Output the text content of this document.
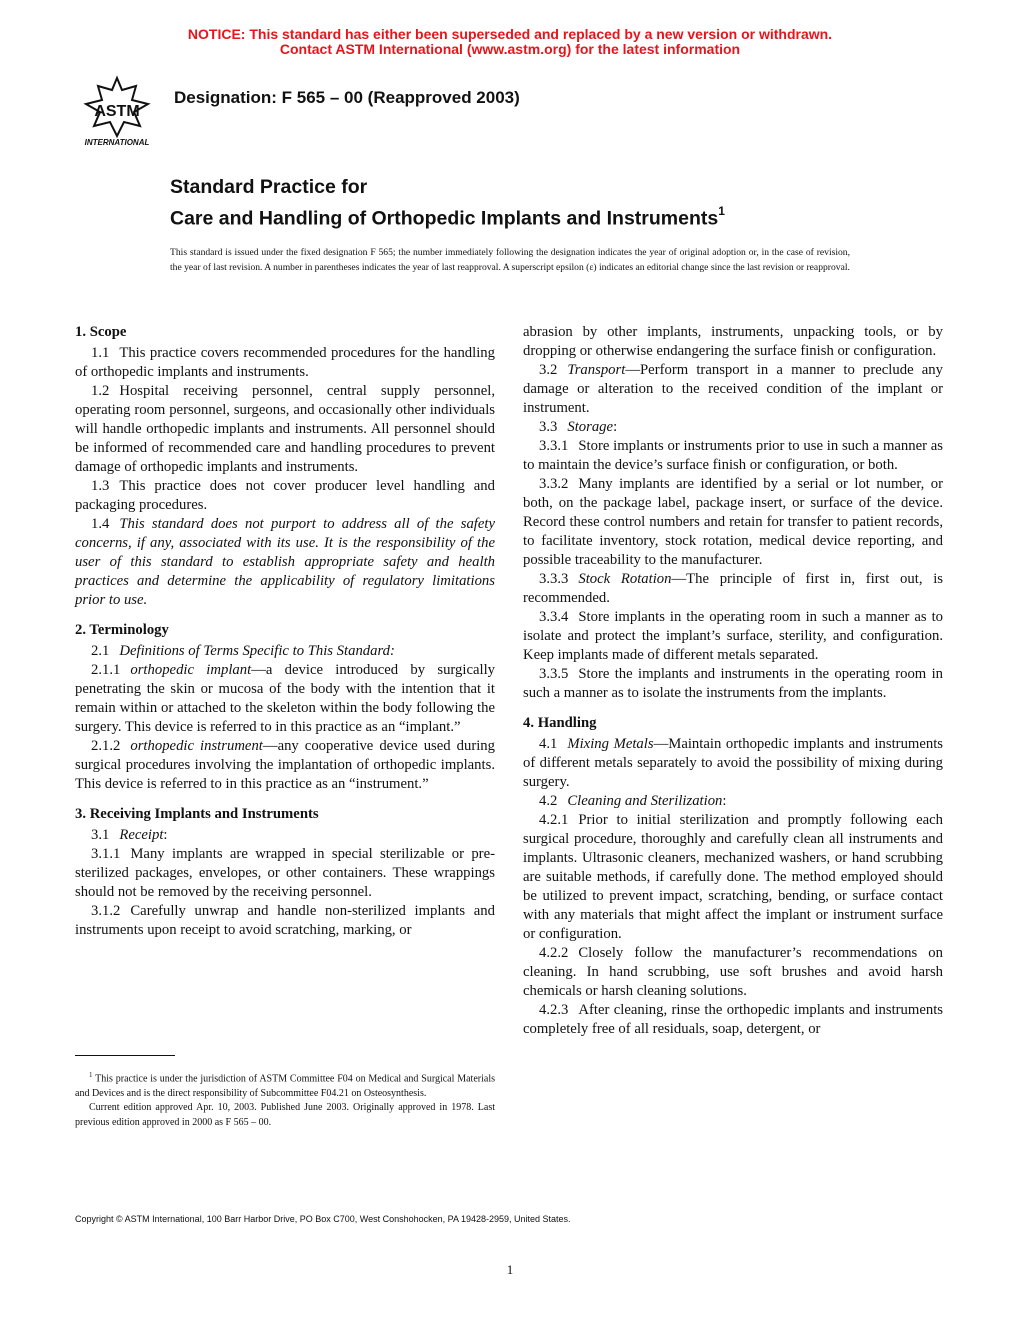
NOTICE: This standard has either been superseded and replaced by a new version or withdrawn.
Contact ASTM International (www.astm.org) for the latest information
ASTM
INTERNATIONAL
Designation: F 565 – 00 (Reapproved 2003)
Standard Practice for
Care and Handling of Orthopedic Implants and Instruments$^1$
This standard is issued under the fixed designation F 565; the number immediately following the designation indicates the year of original adoption or, in the case of revision, the year of last revision. A number in parentheses indicates the year of last reapproval. A superscript epsilon (ε) indicates an editorial change since the last revision or reapproval.
1. Scope

1.1 This practice covers recommended procedures for the handling of orthopedic implants and instruments.

1.2 Hospital receiving personnel, central supply personnel, operating room personnel, surgeons, and occasionally other individuals will handle orthopedic implants and instruments. All personnel should be informed of recommended care and handling procedures to prevent damage of orthopedic implants and instruments.

1.3 This practice does not cover producer level handling and packaging procedures.

1.4 This standard does not purport to address all of the safety concerns, if any, associated with its use. It is the responsibility of the user of this standard to establish appropriate safety and health practices and determine the applicability of regulatory limitations prior to use.

2. Terminology

2.1 Definitions of Terms Specific to This Standard:

2.1.1 orthopedic implant—a device introduced by surgically penetrating the skin or mucosa of the body with the intention that it remain within or attached to the skeleton within the body following the surgery. This device is referred to in this practice as an “implant.”

2.1.2 orthopedic instrument—any cooperative device used during surgical procedures involving the implantation of orthopedic implants. This device is referred to in this practice as an “instrument.”

3. Receiving Implants and Instruments

3.1 Receipt:

3.1.1 Many implants are wrapped in special sterilizable or pre-sterilized packages, envelopes, or other containers. These wrappings should not be removed by the receiving personnel.

3.1.2 Carefully unwrap and handle non-sterilized implants and instruments upon receipt to avoid scratching, marking, or

abrasion by other implants, instruments, unpacking tools, or by dropping or otherwise endangering the surface finish or configuration.

3.2 Transport—Perform transport in a manner to preclude any damage or alteration to the received condition of the implant or instrument.

3.3 Storage:

3.3.1 Store implants or instruments prior to use in such a manner as to maintain the device’s surface finish or configuration, or both.

3.3.2 Many implants are identified by a serial or lot number, or both, on the package label, package insert, or surface of the device. Record these control numbers and retain for transfer to patient records, to facilitate inventory, stock rotation, medical device reporting, and possible traceability to the manufacturer.

3.3.3 Stock Rotation—The principle of first in, first out, is recommended.

3.3.4 Store implants in the operating room in such a manner as to isolate and protect the implant’s surface, sterility, and configuration. Keep implants made of different metals separated.

3.3.5 Store the implants and instruments in the operating room in such a manner as to isolate the instruments from the implants.

4. Handling

4.1 Mixing Metals—Maintain orthopedic implants and instruments of different metals separately to avoid the possibility of mixing during surgery.

4.2 Cleaning and Sterilization:

4.2.1 Prior to initial sterilization and promptly following each surgical procedure, thoroughly and carefully clean all instruments and implants. Ultrasonic cleaners, mechanized washers, or hand scrubbing are suitable methods, if carefully done. The method employed should be utilized to prevent impact, scratching, bending, or surface contact with any materials that might affect the implant or instrument surface or configuration.

4.2.2 Closely follow the manufacturer’s recommendations on cleaning. In hand scrubbing, use soft brushes and avoid harsh chemicals or harsh cleaning solutions.

4.2.3 After cleaning, rinse the orthopedic implants and instruments completely free of all residuals, soap, detergent, or

$^1$ This practice is under the jurisdiction of ASTM Committee F04 on Medical and Surgical Materials and Devices and is the direct responsibility of Subcommittee F04.21 on Osteosynthesis.

Current edition approved Apr. 10, 2003. Published June 2003. Originally approved in 1978. Last previous edition approved in 2000 as F 565 – 00.

Copyright © ASTM International, 100 Barr Harbor Drive, PO Box C700, West Conshohocken, PA 19428-2959, United States.
1
